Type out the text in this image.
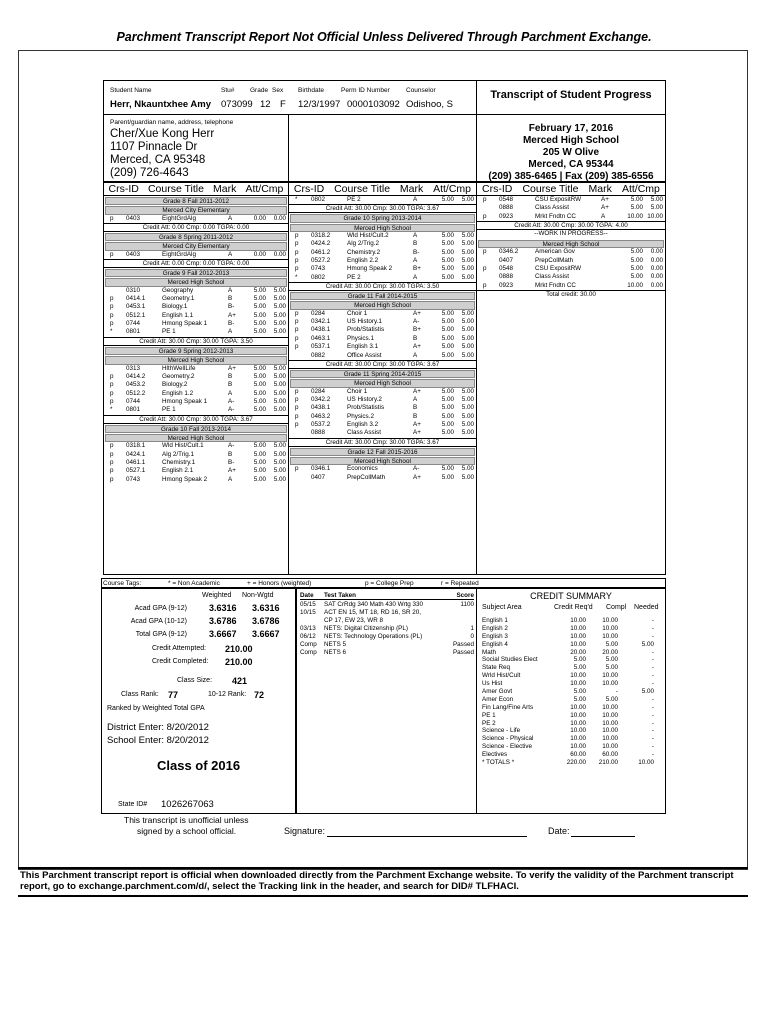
Parchment Transcript Report Not Official Unless Delivered Through Parchment Exchange.
Student Name	Stu# Grade Sex Birthdate	Perm ID Number Counselor
Herr, Nkauntxhee Amy 073099 12 F 12/3/1997 0000103092 Odishoo, S
Transcript of Student Progress
Parent/guardian name, address, telephone
Cher/Xue Kong Herr
1107 Pinnacle Dr
Merced, CA 95348
(209) 726-4643
February 17, 2016
Merced High School
205 W Olive
Merced, CA 95344
(209) 385-6465 | Fax (209) 385-6556
Crs-ID Course Title Mark Att/Cmp
Grade 8 Fall 2011-2012
Merced City Elementary
p 0403	EightGrdAlg	A	0.00 0.00
Credit Att: 0.00 Cmp: 0.00 TGPA: 0.00
Grade 8 Spring 2011-2012
Merced City Elementary
p 0403	EightGrdAlg	A	0.00 0.00
Credit Att: 0.00 Cmp: 0.00 TGPA: 0.00
Grade 9 Fall 2012-2013
Merced High School
0310	Geography	A	5.00 5.00
p 0414.1	Geometry.1	B	5.00 5.00
p 0453.1	Biology.1	B-	5.00 5.00
p 0512.1	English 1.1	A+	5.00 5.00
p 0744	Hmong Speak 1	B-	5.00 5.00
* 0801	PE 1	A	5.00 5.00
Credit Att: 30.00 Cmp: 30.00 TGPA: 3.50
Grade 9 Spring 2012-2013
Merced High School
0313	HlthWellLife	A+	5.00 5.00
p 0414.2	Geometry.2	B	5.00 5.00
p 0453.2	Biology.2	B	5.00 5.00
p 0512.2	English 1.2	A	5.00 5.00
p 0744	Hmong Speak 1	A-	5.00 5.00
* 0801	PE 1	A-	5.00 5.00
Credit Att: 30.00 Cmp: 30.00 TGPA: 3.67
Grade 10 Fall 2013-2014
Merced High School
p 0318.1	Wld Hist/Cult.1	A-	5.00 5.00
p 0424.1	Alg 2/Trig.1	B	5.00 5.00
p 0461.1	Chemistry.1	B-	5.00 5.00
p 0527.1	English 2.1	A+	5.00 5.00
p 0743	Hmong Speak 2	A	5.00 5.00
Crs-ID Course Title Mark Att/Cmp
* 0802	PE 2	A	5.00 5.00
Credit Att: 30.00 Cmp: 30.00 TGPA: 3.67
Grade 10 Spring 2013-2014
Merced High School
p 0318.2	Wld Hist/Cult.2	A	5.00 5.00
p 0424.2	Alg 2/Trig.2	B	5.00 5.00
p 0461.2	Chemistry.2	B-	5.00 5.00
p 0527.2	English 2.2	A	5.00 5.00
p 0743	Hmong Speak 2	B+	5.00 5.00
* 0802	PE 2	A	5.00 5.00
Credit Att: 30.00 Cmp: 30.00 TGPA: 3.50
Grade 11 Fall 2014-2015
Merced High School
p 0284	Choir 1	A+	5.00 5.00
p 0342.1	US History.1	A-	5.00 5.00
p 0438.1	Prob/Statistis	B+	5.00 5.00
p 0463.1	Physics.1	B	5.00 5.00
p 0537.1	English 3.1	A+	5.00 5.00
0882	Office Assist	A	5.00 5.00
Credit Att: 30.00 Cmp: 30.00 TGPA: 3.67
Grade 11 Spring 2014-2015
Merced High School
p 0284	Choir 1	A+	5.00 5.00
p 0342.2	US History.2	A	5.00 5.00
p 0438.1	Prob/Statistis	B	5.00 5.00
p 0463.2	Physics.2	B	5.00 5.00
p 0537.2	English 3.2	A+	5.00 5.00
0888	Class Assist	A+	5.00 5.00
Credit Att: 30.00 Cmp: 30.00 TGPA: 3.67
Grade 12 Fall 2015-2016
Merced High School
p 0346.1	Economics	A-	5.00 5.00
0407	PrepCollMath	A+	5.00 5.00
Crs-ID Course Title Mark Att/Cmp
p 0548	CSU ExpositRW	A+	5.00 5.00
0888	Class Assist	A+	5.00 5.00
p 0923	Mrkt Fndtn CC	A	10.00 10.00
Credit Att: 30.00 Cmp: 30.00 TGPA: 4.00
--WORK IN PROGRESS--
Merced High School
p 0346.2	American Gov	5.00 0.00
0407	PrepCollMath	5.00 0.00
p 0548	CSU ExpositRW	5.00 0.00
0888	Class Assist	5.00 0.00
p 0923	Mrkt Fndtn CC	10.00 0.00
Total credit: 30.00
Course Tags:	* = Non Academic	+ = Honors (weighted)	p = College Prep	r = Repeated
Weighted Non-Wgtd
Acad GPA (9-12) 3.6316 3.6316
Acad GPA (10-12) 3.6786 3.6786
Total GPA (9-12) 3.6667 3.6667
Credit Attempted: 210.00
Credit Completed: 210.00
Class Size: 421
Class Rank: 77	10-12 Rank: 72
Ranked by Weighted Total GPA
District Enter: 8/20/2012
School Enter: 8/20/2012
Class of 2016
State ID# 1026267063
Date Test Taken	Score
05/15 SAT CrRdg 340 Math 430 Wrtg 330	1100
10/15 ACT EN 15, MT 18, RD 16, SR 20,
CP 17, EW 23, WR 8
03/13 NETS: Digital Citizenship (PL)	1
06/12 NETS: Technology Operations (PL)	0
Comp NETS 5	Passed
Comp NETS 6	Passed
CREDIT SUMMARY
Subject Area	Credit Req'd Compl Needed
English 1	10.00	10.00	-
English 2	10.00	10.00	-
English 3	10.00	10.00	-
English 4	10.00	5.00	5.00
Math	20.00	20.00	-
Social Studies Elect	5.00	5.00	-
State Req	5.00	5.00	-
Wrld Hist/Cult	10.00	10.00	-
Us Hist	10.00	10.00	-
Amer Govt	5.00	-	5.00
Amer Econ	5.00	5.00	-
Fin Lang/Fine Arts	10.00	10.00	-
PE 1	10.00	10.00	-
PE 2	10.00	10.00	-
Science - Life	10.00	10.00	-
Science - Physical	10.00	10.00	-
Science - Elective	10.00	10.00	-
Electives	60.00	60.00	-
* TOTALS *	220.00 210.00	10.00
This transcript is unofficial unless
signed by a school official.	Signature:	Date:
This Parchment transcript report is official when downloaded directly from the Parchment Exchange website. To verify the validity of the Parchment transcript report, go to exchange.parchment.com/d/, select the Tracking link in the header, and search for DID# TLFHACI.
